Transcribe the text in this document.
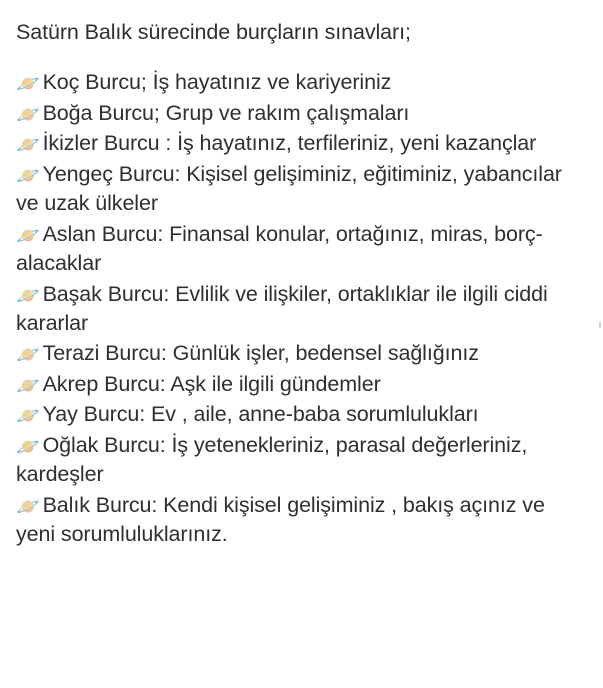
Satürn Balık sürecinde burçların sınavları;

🪐 Koç Burcu; İş hayatınız ve kariyeriniz
🪐 Boğa Burcu; Grup ve rakım çalışmaları
🪐 İkizler Burcu : İş hayatınız, terfileriniz, yeni kazançlar
🪐 Yengeç Burcu: Kişisel gelişiminiz, eğitiminiz, yabancılar ve uzak ülkeler
🪐 Aslan Burcu: Finansal konular, ortağınız, miras, borç-alacaklar
🪐 Başak Burcu: Evlilik ve ilişkiler, ortaklıklar ile ilgili ciddi kararlar
🪐 Terazi Burcu: Günlük işler, bedensel sağlığınız
🪐 Akrep Burcu: Aşk ile ilgili gündemler
🪐 Yay Burcu: Ev , aile, anne-baba sorumlulukları
🪐 Oğlak Burcu: İş yetenekleriniz, parasal değerleriniz, kardeşler
🪐 Balık Burcu: Kendi kişisel gelişiminiz , bakış açınız ve yeni sorumluluklarınız.
